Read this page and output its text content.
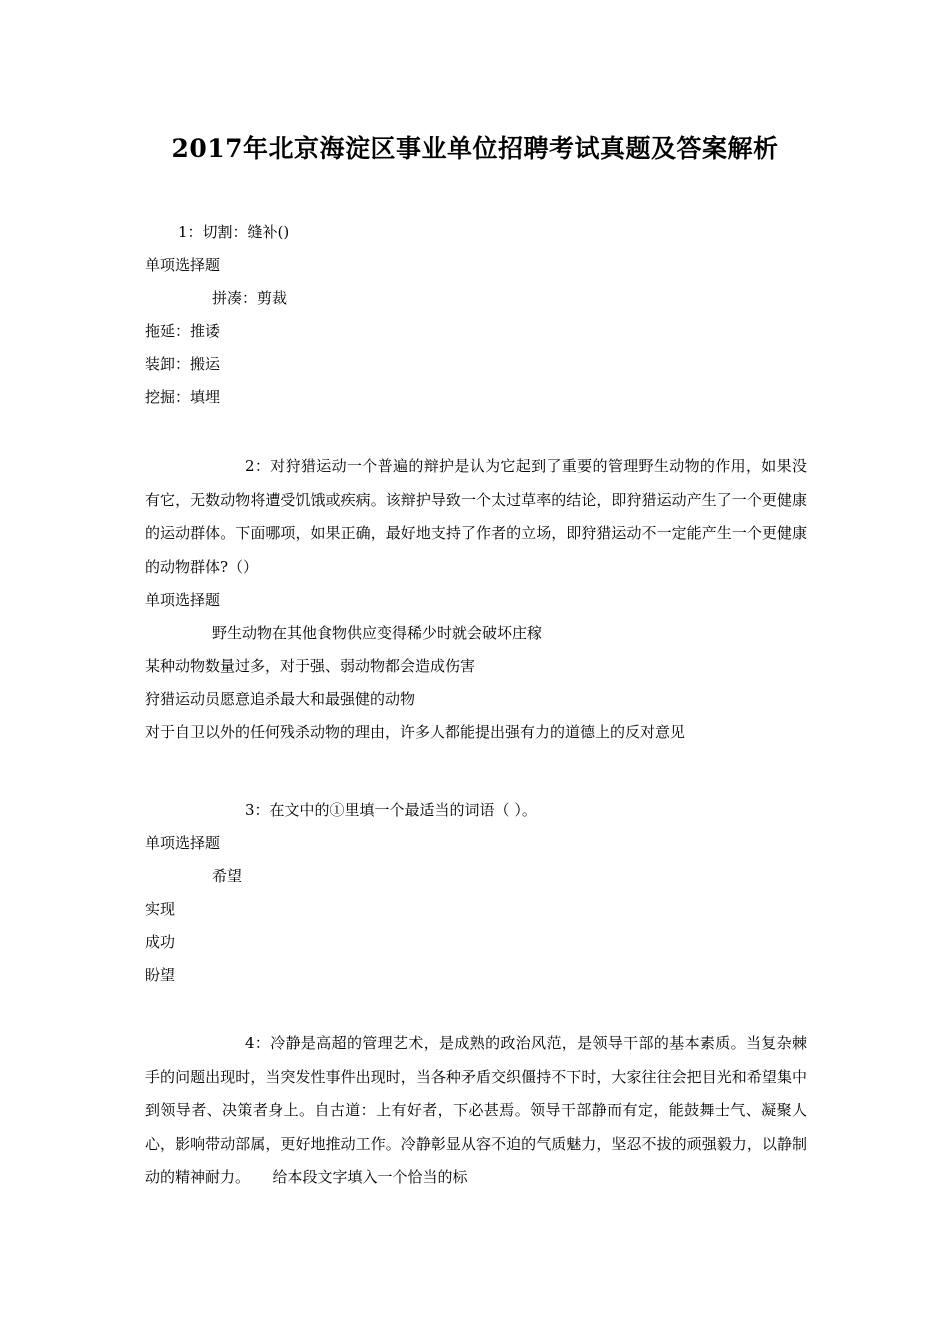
2017年北京海淀区事业单位招聘考试真题及答案解析
1：切割：缝补()
单项选择题
拼凑：剪裁
拖延：推诿
装卸：搬运
挖掘：填埋

2：对狩猎运动一个普遍的辩护是认为它起到了重要的管理野生动物的作用，如果没有它，无数动物将遭受饥饿或疾病。该辩护导致一个太过草率的结论，即狩猎运动产生了一个更健康的运动群体。下面哪项，如果正确，最好地支持了作者的立场，即狩猎运动不一定能产生一个更健康的动物群体?（）

单项选择题
野生动物在其他食物供应变得稀少时就会破坏庄稼
某种动物数量过多，对于强、弱动物都会造成伤害
狩猎运动员愿意追杀最大和最强健的动物
对于自卫以外的任何残杀动物的理由，许多人都能提出强有力的道德上的反对意见
3：在文中的①里填一个最适当的词语（ ）。
单项选择题
希望
实现
成功
盼望

4：冷静是高超的管理艺术，是成熟的政治风范，是领导干部的基本素质。当复杂棘手的问题出现时，当突发性事件出现时，当各种矛盾交织僵持不下时，大家往往会把目光和希望集中到领导者、决策者身上。自古道：上有好者，下必甚焉。领导干部静而有定，能鼓舞士气、凝聚人心，影响带动部属，更好地推动工作。冷静彰显从容不迫的气质魅力，坚忍不拔的顽强毅力，以静制动的精神耐力。　　给本段文字填入一个恰当的标
